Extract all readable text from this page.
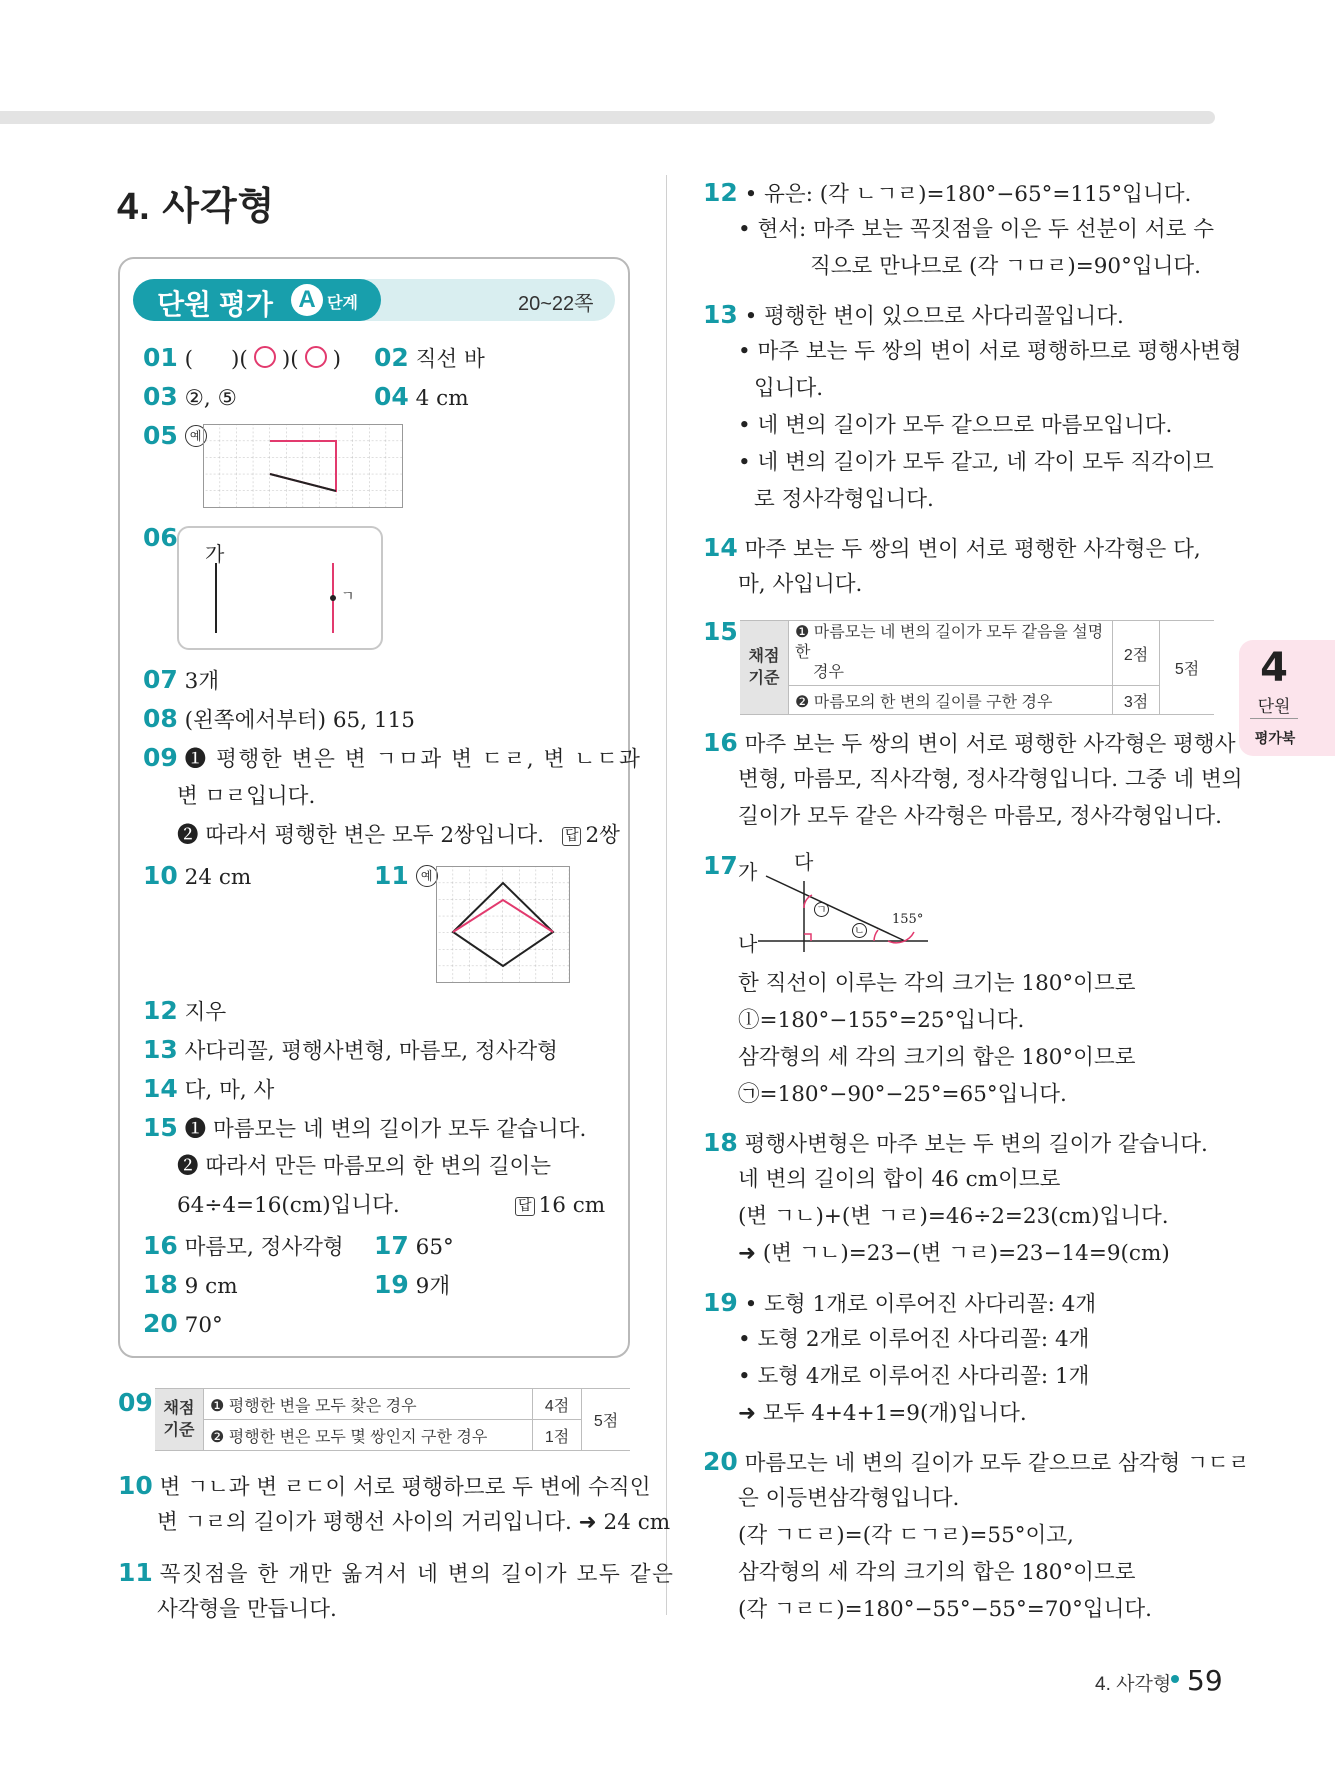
4. 사각형
단원 평가	A 단계	20~22쪽
01 ( )( ○ )( ○ ) 02 직선 바
03 ②, ⑤	04 4 cm
05 예
06
가
ㄱ
07 3개
08 (왼쪽에서부터) 65, 115
09 ❶ 평행한 변은 변 ㄱㅁ과 변 ㄷㄹ, 변 ㄴㄷ과
변 ㅁㄹ입니다.
❷ 따라서 평행한 변은 모두 2쌍입니다. 답 2쌍
10 24 cm	11 예
12 지우
13 사다리꼴, 평행사변형, 마름모, 정사각형
14 다, 마, 사
15 ❶ 마름모는 네 변의 길이가 모두 같습니다.
❷ 따라서 만든 마름모의 한 변의 길이는
64÷4=16(cm)입니다.	답 16 cm
16 마름모, 정사각형 17 65°
18 9 cm	19 9개
20 70°
09 채점
기준	❶ 평행한 변을 모두 찾은 경우	4점	5점
	❷ 평행한 변은 모두 몇 쌍인지 구한 경우	1점	
10 변 ㄱㄴ과 변 ㄹㄷ이 서로 평행하므로 두 변에 수직인
변 ㄱㄹ의 길이가 평행선 사이의 거리입니다. ➜ 24 cm
11 꼭짓점을 한 개만 옮겨서 네 변의 길이가 모두 같은
사각형을 만듭니다.
12 • 유은: (각 ㄴㄱㄹ)=180°−65°=115°입니다.
• 현서: 마주 보는 꼭짓점을 이은 두 선분이 서로 수
직으로 만나므로 (각 ㄱㅁㄹ)=90°입니다.
13 • 평행한 변이 있으므로 사다리꼴입니다.
• 마주 보는 두 쌍의 변이 서로 평행하므로 평행사변형
입니다.
• 네 변의 길이가 모두 같으므로 마름모입니다.
• 네 변의 길이가 모두 같고, 네 각이 모두 직각이므
로 정사각형입니다.
14 마주 보는 두 쌍의 변이 서로 평행한 사각형은 다,
마, 사입니다.
15
채점
기준	❶ 마름모는 네 변의 길이가 모두 같음을 설명한
경우	2점	5점
	❷ 마름모의 한 변의 길이를 구한 경우	3점	
16 마주 보는 두 쌍의 변이 서로 평행한 사각형은 평행사
변형, 마름모, 직사각형, 정사각형입니다. 그중 네 변의
길이가 모두 같은 사각형은 마름모, 정사각형입니다.
17 가
나
다
155°
ㄱ
ㄴ
한 직선이 이루는 각의 크기는 180°이므로
ⓛ=180°−155°=25°입니다.
삼각형의 세 각의 크기의 합은 180°이므로
㉠=180°−90°−25°=65°입니다.
18 평행사변형은 마주 보는 두 변의 길이가 같습니다.
네 변의 길이의 합이 46 cm이므로
(변 ㄱㄴ)+(변 ㄱㄹ)=46÷2=23(cm)입니다.
➜ (변 ㄱㄴ)=23−(변 ㄱㄹ)=23−14=9(cm)
19 • 도형 1개로 이루어진 사다리꼴: 4개
• 도형 2개로 이루어진 사다리꼴: 4개
• 도형 4개로 이루어진 사다리꼴: 1개
➜ 모두 4+4+1=9(개)입니다.
20 마름모는 네 변의 길이가 모두 같으므로 삼각형 ㄱㄷㄹ
은 이등변삼각형입니다.
(각 ㄱㄷㄹ)=(각 ㄷㄱㄹ)=55°이고,
삼각형의 세 각의 크기의 합은 180°이므로
(각 ㄱㄹㄷ)=180°−55°−55°=70°입니다.
4
단원
평가북
4. 사각형 59
